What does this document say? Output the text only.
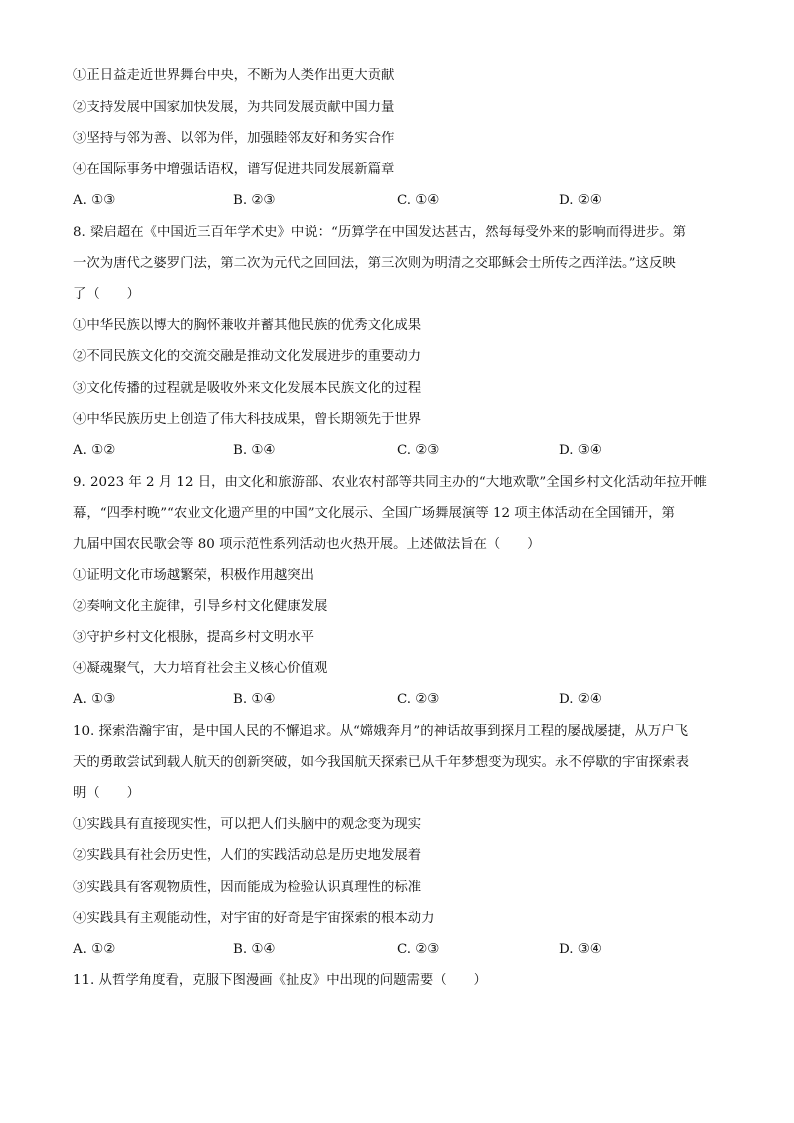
①正日益走近世界舞台中央，不断为人类作出更大贡献
②支持发展中国家加快发展，为共同发展贡献中国力量
③坚持与邻为善、以邻为伴，加强睦邻友好和务实合作
④在国际事务中增强话语权，谱写促进共同发展新篇章
A. ①③	B. ②③	C. ①④	D. ②④
8. 梁启超在《中国近三百年学术史》中说：“历算学在中国发达甚古，然每每受外来的影响而得进步。第
一次为唐代之婆罗门法，第二次为元代之回回法，第三次则为明清之交耶稣会士所传之西洋法。”这反映
了（　　）
①中华民族以博大的胸怀兼收并蓄其他民族的优秀文化成果
②不同民族文化的交流交融是推动文化发展进步的重要动力
③文化传播的过程就是吸收外来文化发展本民族文化的过程
④中华民族历史上创造了伟大科技成果，曾长期领先于世界
A. ①②	B. ①④	C. ②③	D. ③④
9. 2023 年 2 月 12 日，由文化和旅游部、农业农村部等共同主办的“大地欢歌”全国乡村文化活动年拉开帷
幕，“四季村晚”“农业文化遗产里的中国”文化展示、全国广场舞展演等 12 项主体活动在全国铺开，第
九届中国农民歌会等 80 项示范性系列活动也火热开展。上述做法旨在（　　）
①证明文化市场越繁荣，积极作用越突出
②奏响文化主旋律，引导乡村文化健康发展
③守护乡村文化根脉，提高乡村文明水平
④凝魂聚气，大力培育社会主义核心价值观
A. ①③	B. ①④	C. ②③	D. ②④
10. 探索浩瀚宇宙，是中国人民的不懈追求。从“嫦娥奔月”的神话故事到探月工程的屡战屡捷，从万户飞
天的勇敢尝试到载人航天的创新突破，如今我国航天探索已从千年梦想变为现实。永不停歇的宇宙探索表
明（　　）
①实践具有直接现实性，可以把人们头脑中的观念变为现实
②实践具有社会历史性，人们的实践活动总是历史地发展着
③实践具有客观物质性，因而能成为检验认识真理性的标准
④实践具有主观能动性，对宇宙的好奇是宇宙探索的根本动力
A. ①②	B. ①④	C. ②③	D. ③④
11. 从哲学角度看，克服下图漫画《扯皮》中出现的问题需要（　　）
